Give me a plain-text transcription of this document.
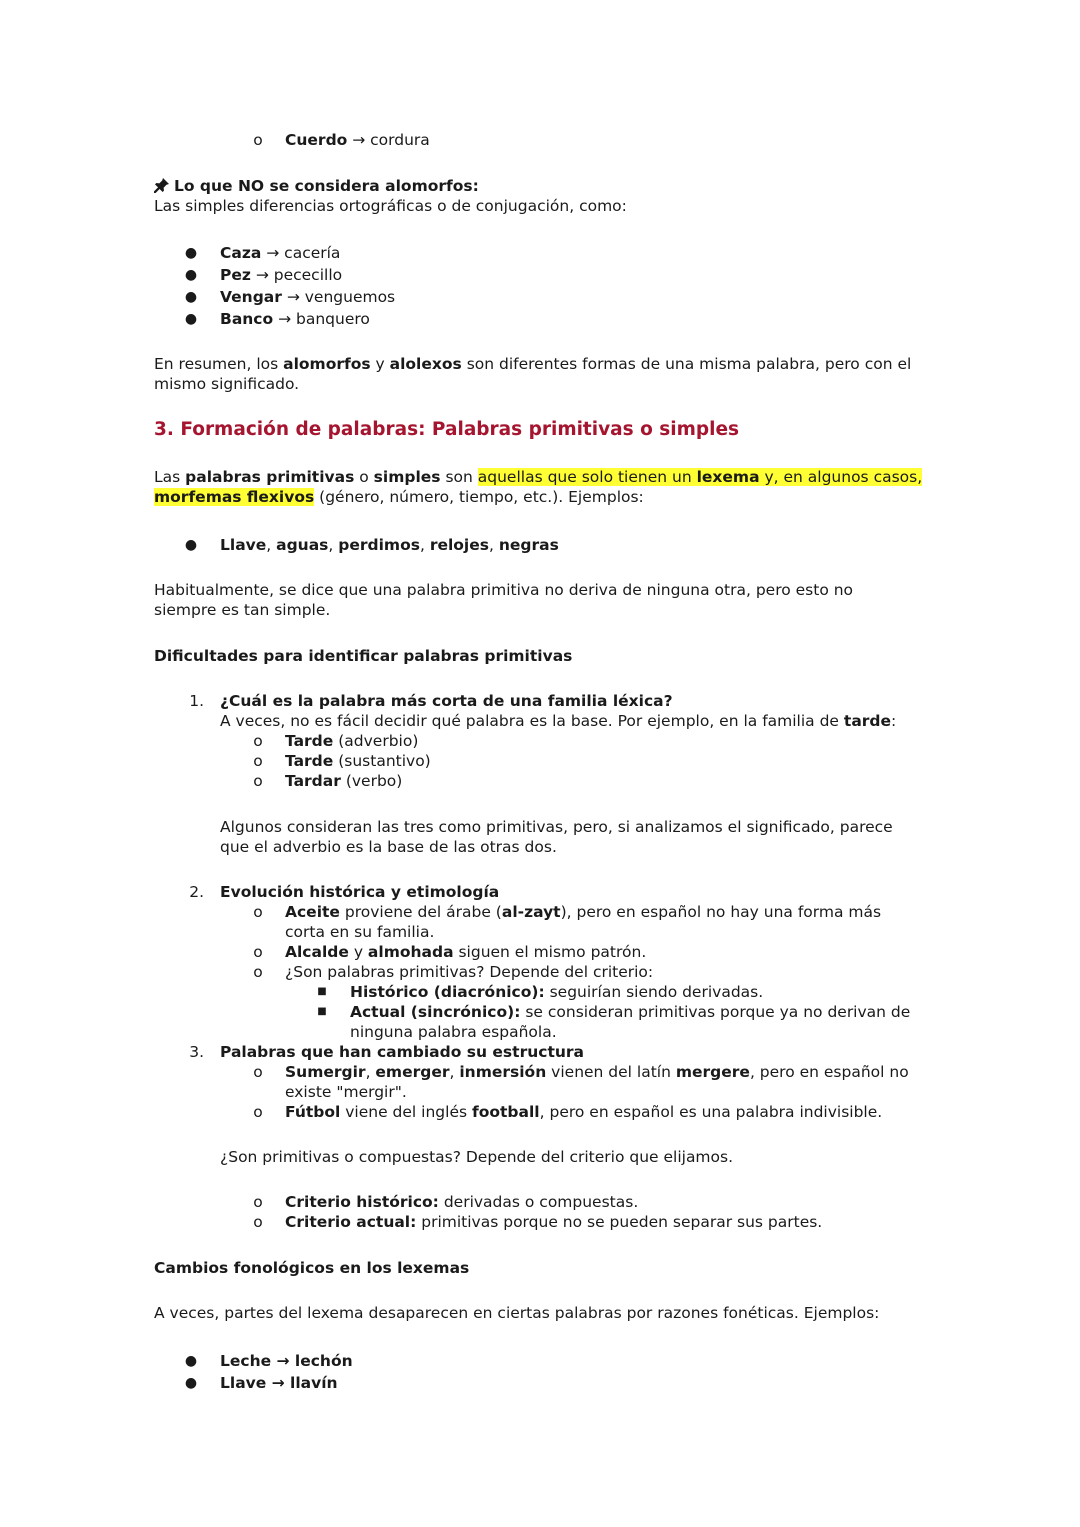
o Cuerdo → cordura
Lo que NO se considera alomorfos:
Las simples diferencias ortográficas o de conjugación, como:
● Caza → cacería
● Pez → pececillo
● Vengar → venguemos
● Banco → banquero
En resumen, los alomorfos y alolexos son diferentes formas de una misma palabra, pero con el
mismo significado.
3. Formación de palabras: Palabras primitivas o simples
Las palabras primitivas o simples son aquellas que solo tienen un lexema y, en algunos casos,
morfemas flexivos (género, número, tiempo, etc.). Ejemplos:
● Llave, aguas, perdimos, relojes, negras
Habitualmente, se dice que una palabra primitiva no deriva de ninguna otra, pero esto no
siempre es tan simple.
Dificultades para identificar palabras primitivas
1. ¿Cuál es la palabra más corta de una familia léxica?
A veces, no es fácil decidir qué palabra es la base. Por ejemplo, en la familia de tarde:
o Tarde (adverbio)
o Tarde (sustantivo)
o Tardar (verbo)
Algunos consideran las tres como primitivas, pero, si analizamos el significado, parece
que el adverbio es la base de las otras dos.
2. Evolución histórica y etimología
o Aceite proviene del árabe (al-zayt), pero en español no hay una forma más
corta en su familia.
o Alcalde y almohada siguen el mismo patrón.
o ¿Son palabras primitivas? Depende del criterio:
■ Histórico (diacrónico): seguirían siendo derivadas.
■ Actual (sincrónico): se consideran primitivas porque ya no derivan de
ninguna palabra española.
3. Palabras que han cambiado su estructura
o Sumergir, emerger, inmersión vienen del latín mergere, pero en español no
existe "mergir".
o Fútbol viene del inglés football, pero en español es una palabra indivisible.
¿Son primitivas o compuestas? Depende del criterio que elijamos.
o Criterio histórico: derivadas o compuestas.
o Criterio actual: primitivas porque no se pueden separar sus partes.
Cambios fonológicos en los lexemas
A veces, partes del lexema desaparecen en ciertas palabras por razones fonéticas. Ejemplos:
● Leche → lechón
● Llave → llavín
